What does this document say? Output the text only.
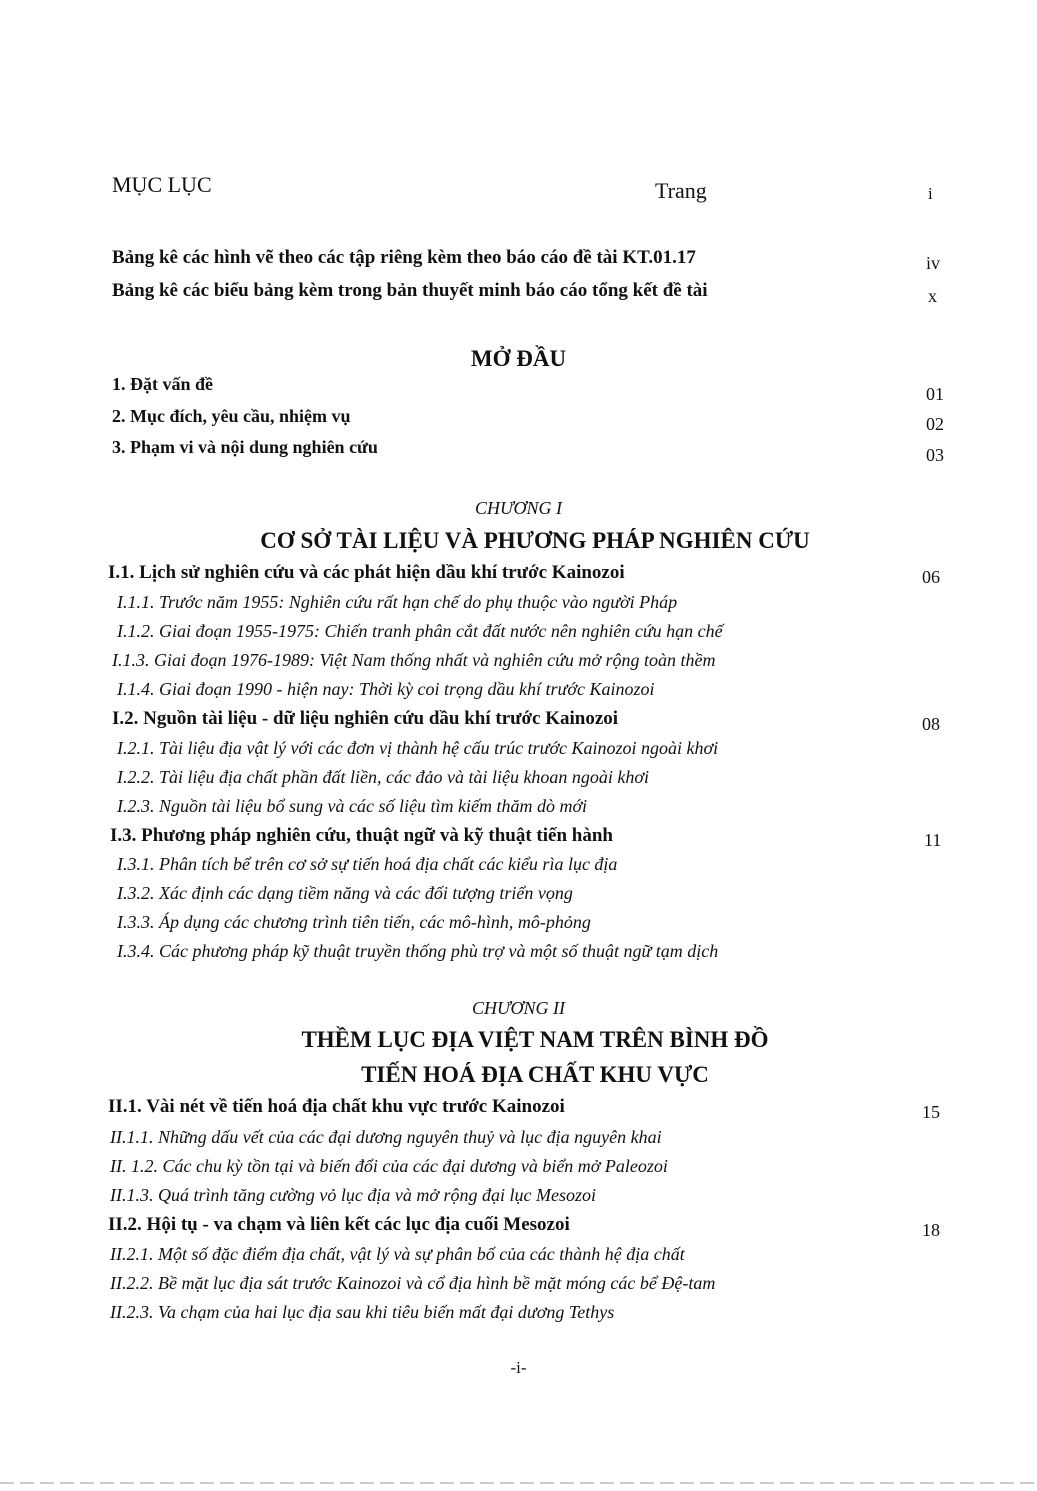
MỤC LỤC	Trang	i
Bảng kê các hình vẽ theo các tập riêng kèm theo báo cáo đề tài KT.01.17	iv
Bảng kê các biểu bảng kèm trong bản thuyết minh báo cáo tổng kết đề tài	x
MỞ ĐẦU
1. Đặt vấn đề	01
2. Mục đích, yêu cầu, nhiệm vụ	02
3. Phạm vi và nội dung nghiên cứu	03
CHƯƠNG I
CƠ SỞ TÀI LIỆU VÀ PHƯƠNG PHÁP NGHIÊN CỨU
I.1. Lịch sử nghiên cứu và các phát hiện dầu khí trước Kainozoi	06
I.1.1. Trước năm 1955: Nghiên cứu rất hạn chế do phụ thuộc vào người Pháp
I.1.2. Giai đoạn 1955-1975: Chiến tranh phân cắt đất nước nên nghiên cứu hạn chế
I.1.3. Giai đoạn 1976-1989: Việt Nam thống nhất và nghiên cứu mở rộng toàn thềm
I.1.4. Giai đoạn 1990 - hiện nay: Thời kỳ coi trọng dầu khí trước Kainozoi
I.2. Nguồn tài liệu - dữ liệu nghiên cứu dầu khí trước Kainozoi	08
I.2.1. Tài liệu địa vật lý với các đơn vị thành hệ cấu trúc trước Kainozoi ngoài khơi
I.2.2. Tài liệu địa chất phần đất liền, các đảo và tài liệu khoan ngoài khơi
I.2.3. Nguồn tài liệu bổ sung và các số liệu tìm kiếm thăm dò mới
I.3. Phương pháp nghiên cứu, thuật ngữ và kỹ thuật tiến hành	11
I.3.1. Phân tích bể trên cơ sở sự tiến hoá địa chất các kiểu rìa lục địa
I.3.2. Xác định các dạng tiềm năng và các đối tượng triển vọng
I.3.3. Áp dụng các chương trình tiên tiến, các mô-hình, mô-phỏng
I.3.4. Các phương pháp kỹ thuật truyền thống phù trợ và một số thuật ngữ tạm dịch
CHƯƠNG II
THỀM LỤC ĐỊA VIỆT NAM TRÊN BÌNH ĐỒ
TIẾN HOÁ ĐỊA CHẤT KHU VỰC
II.1. Vài nét về tiến hoá địa chất khu vực trước Kainozoi	15
II.1.1. Những dấu vết của các đại dương nguyên thuỷ và lục địa nguyên khai
II. 1.2. Các chu kỳ tồn tại và biến đổi của các đại dương và biển mở Paleozoi
II.1.3. Quá trình tăng cường vỏ lục địa và mở rộng đại lục Mesozoi
II.2. Hội tụ - va chạm và liên kết các lục địa cuối Mesozoi	18
II.2.1. Một số đặc điểm địa chất, vật lý và sự phân bố của các thành hệ địa chất
II.2.2. Bề mặt lục địa sát trước Kainozoi và cổ địa hình bề mặt móng các bể Đệ-tam
II.2.3. Va chạm của hai lục địa sau khi tiêu biến mất đại dương Tethys
-i-
